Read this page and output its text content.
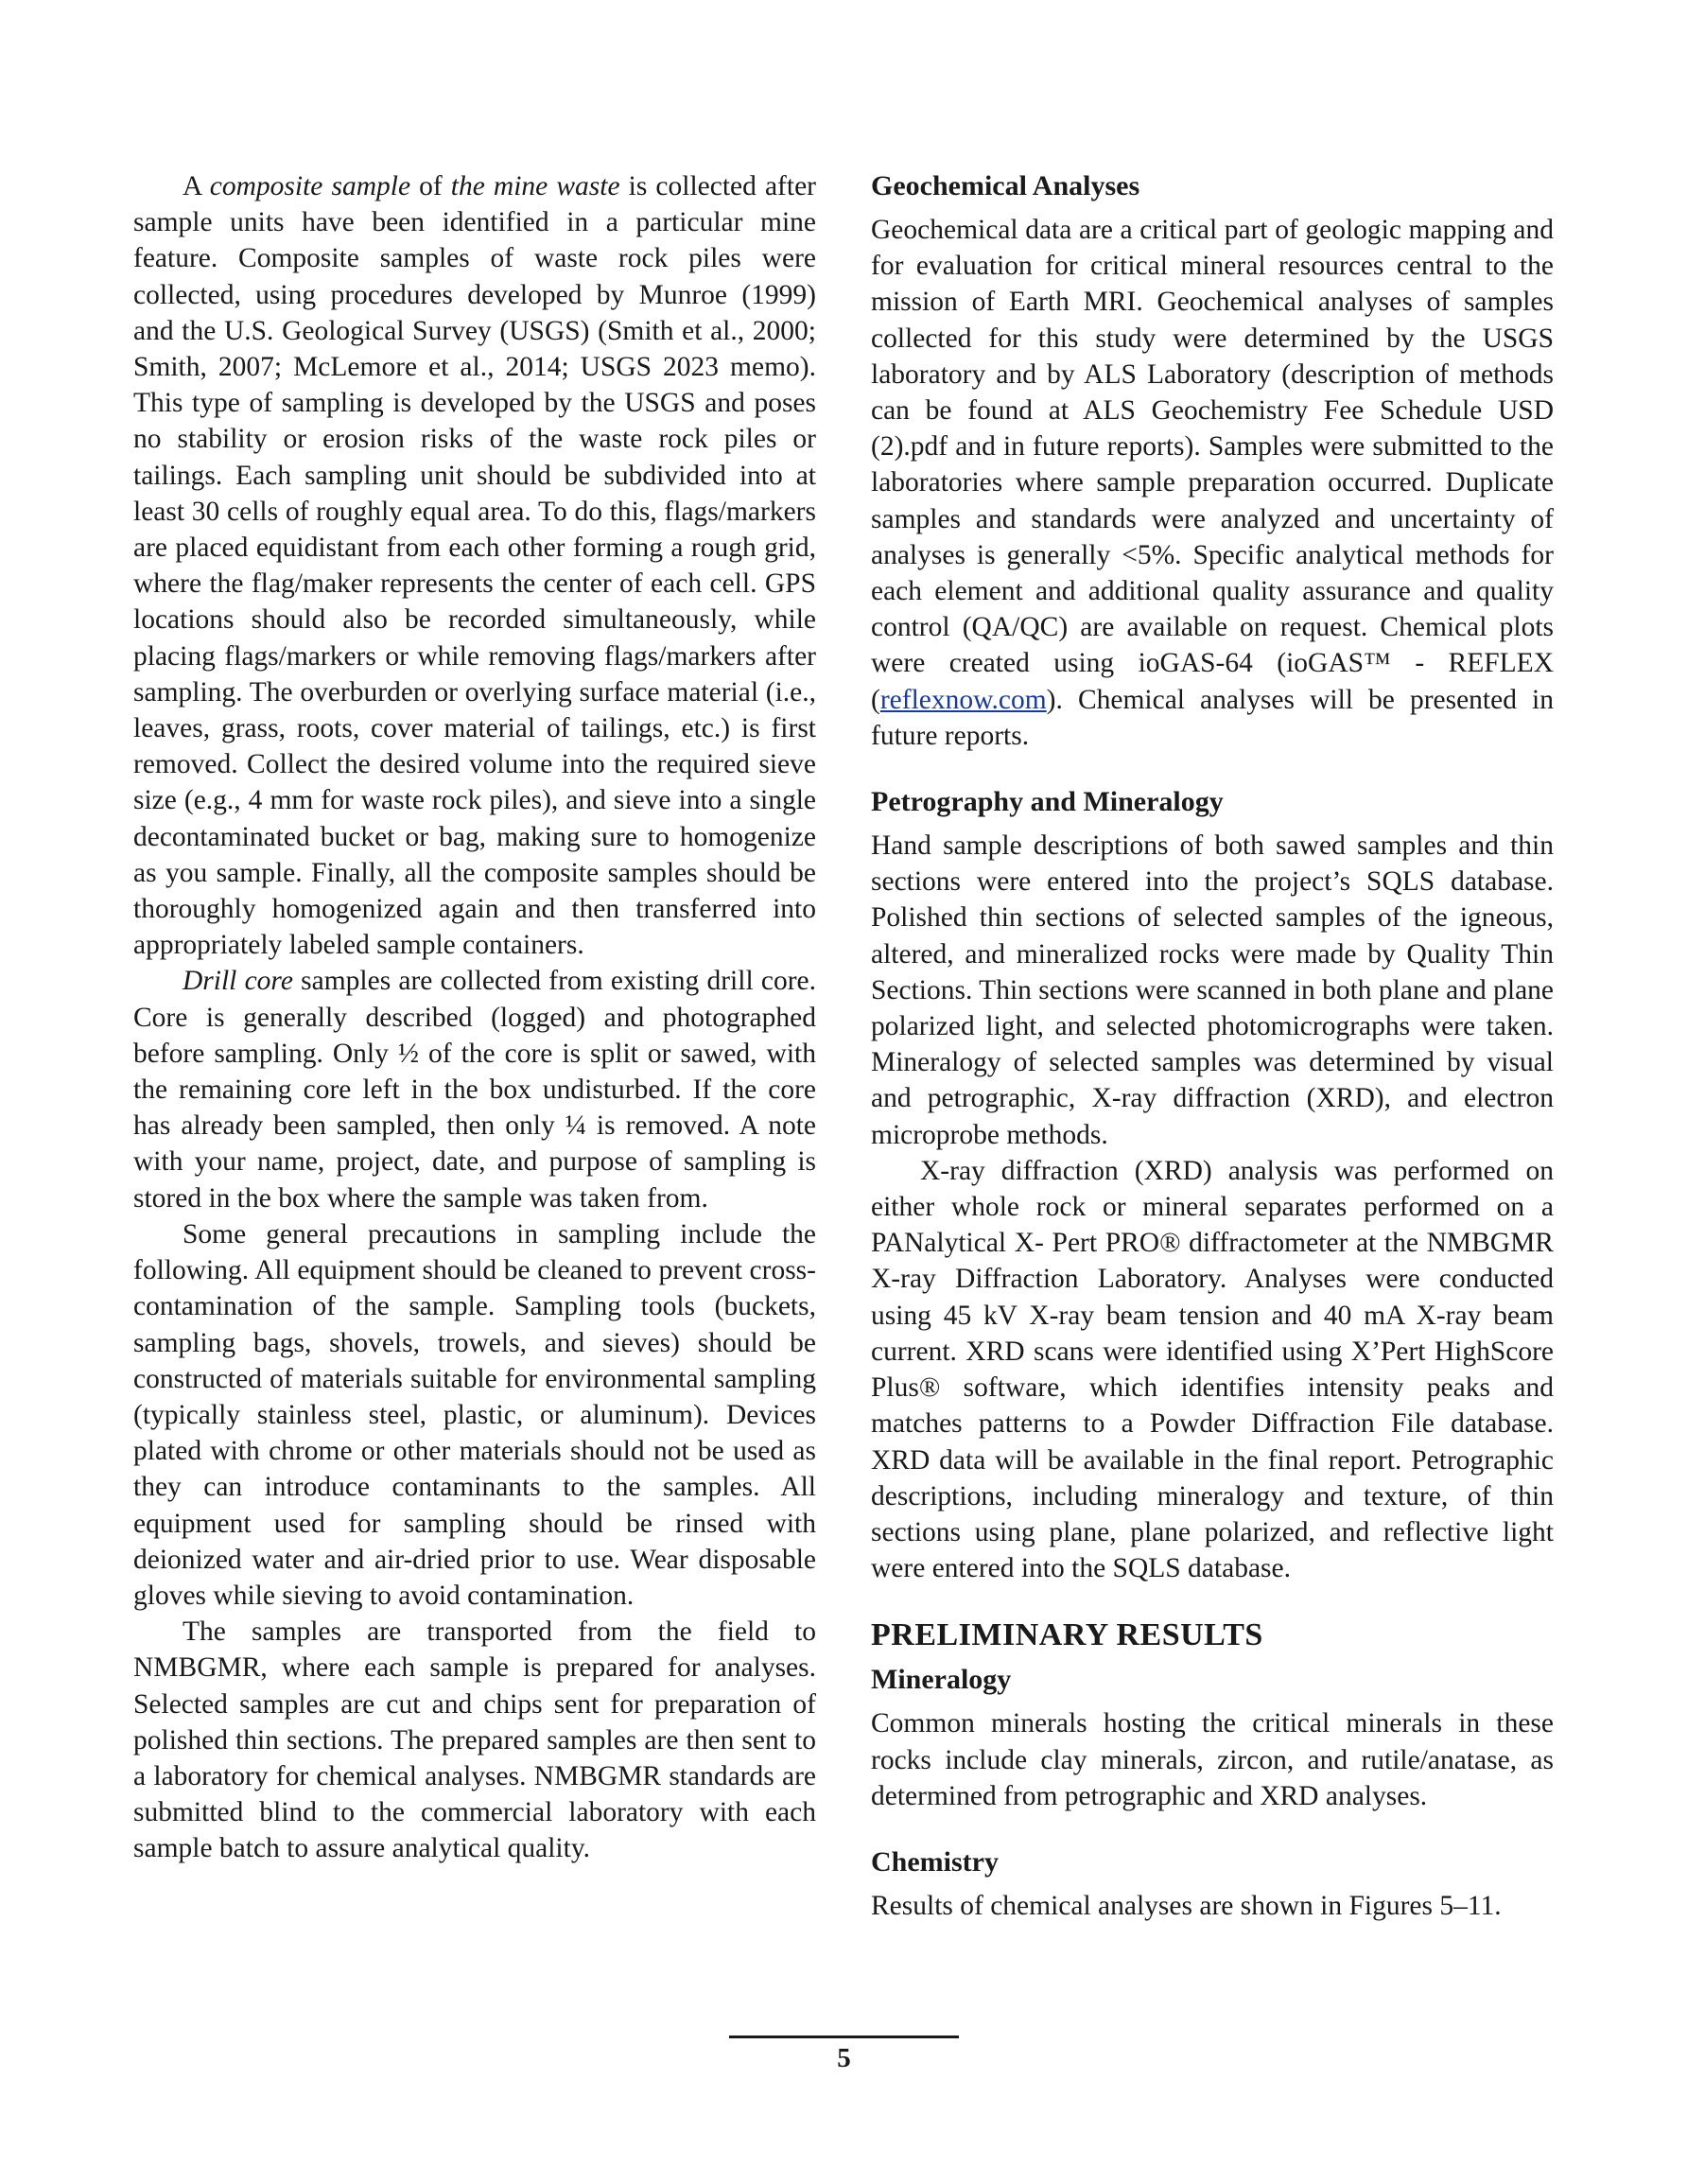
A composite sample of the mine waste is collected after sample units have been identified in a particular mine feature. Composite samples of waste rock piles were collected, using procedures developed by Munroe (1999) and the U.S. Geological Survey (USGS) (Smith et al., 2000; Smith, 2007; McLemore et al., 2014; USGS 2023 memo). This type of sampling is developed by the USGS and poses no stability or erosion risks of the waste rock piles or tailings. Each sampling unit should be subdivided into at least 30 cells of roughly equal area. To do this, flags/markers are placed equidistant from each other forming a rough grid, where the flag/maker represents the center of each cell. GPS locations should also be recorded simultaneously, while placing flags/markers or while removing flags/markers after sampling. The overburden or overlying surface material (i.e., leaves, grass, roots, cover material of tailings, etc.) is first removed. Collect the desired volume into the required sieve size (e.g., 4 mm for waste rock piles), and sieve into a single decontaminated bucket or bag, making sure to homogenize as you sample. Finally, all the composite samples should be thoroughly homogenized again and then transferred into appropriately labeled sample containers.

Drill core samples are collected from existing drill core. Core is generally described (logged) and photographed before sampling. Only ½ of the core is split or sawed, with the remaining core left in the box undisturbed. If the core has already been sampled, then only ¼ is removed. A note with your name, project, date, and purpose of sampling is stored in the box where the sample was taken from.

Some general precautions in sampling include the following. All equipment should be cleaned to prevent cross-contamination of the sample. Sampling tools (buckets, sampling bags, shovels, trowels, and sieves) should be constructed of materials suitable for environmental sampling (typically stainless steel, plastic, or aluminum). Devices plated with chrome or other materials should not be used as they can introduce contaminants to the samples. All equipment used for sampling should be rinsed with deionized water and air-dried prior to use. Wear disposable gloves while sieving to avoid contamination.

The samples are transported from the field to NMBGMR, where each sample is prepared for analyses. Selected samples are cut and chips sent for preparation of polished thin sections. The prepared samples are then sent to a laboratory for chemical analyses. NMBGMR standards are submitted blind to the commercial laboratory with each sample batch to assure analytical quality.

Geochemical Analyses

Geochemical data are a critical part of geologic mapping and for evaluation for critical mineral resources central to the mission of Earth MRI. Geochemical analyses of samples collected for this study were determined by the USGS laboratory and by ALS Laboratory (description of methods can be found at ALS Geochemistry Fee Schedule USD (2).pdf and in future reports). Samples were submitted to the laboratories where sample preparation occurred. Duplicate samples and standards were analyzed and uncertainty of analyses is generally <5%. Specific analytical methods for each element and additional quality assurance and quality control (QA/QC) are available on request. Chemical plots were created using ioGAS-64 (ioGAS™ - REFLEX (reflexnow.com). Chemical analyses will be presented in future reports.

Petrography and Mineralogy

Hand sample descriptions of both sawed samples and thin sections were entered into the project’s SQLS database. Polished thin sections of selected samples of the igneous, altered, and mineralized rocks were made by Quality Thin Sections. Thin sections were scanned in both plane and plane polarized light, and selected photomicrographs were taken. Mineralogy of selected samples was determined by visual and petrographic, X-ray diffraction (XRD), and electron microprobe methods.

X-ray diffraction (XRD) analysis was performed on either whole rock or mineral separates performed on a PANalytical X- Pert PRO® diffractometer at the NMBGMR X-ray Diffraction Laboratory. Analyses were conducted using 45 kV X-ray beam tension and 40 mA X-ray beam current. XRD scans were identified using X’Pert HighScore Plus® software, which identifies intensity peaks and matches patterns to a Powder Diffraction File database. XRD data will be available in the final report. Petrographic descriptions, including mineralogy and texture, of thin sections using plane, plane polarized, and reflective light were entered into the SQLS database.

PRELIMINARY RESULTS
Mineralogy

Common minerals hosting the critical minerals in these rocks include clay minerals, zircon, and rutile/anatase, as determined from petrographic and XRD analyses.

Chemistry

Results of chemical analyses are shown in Figures 5–11.

5
